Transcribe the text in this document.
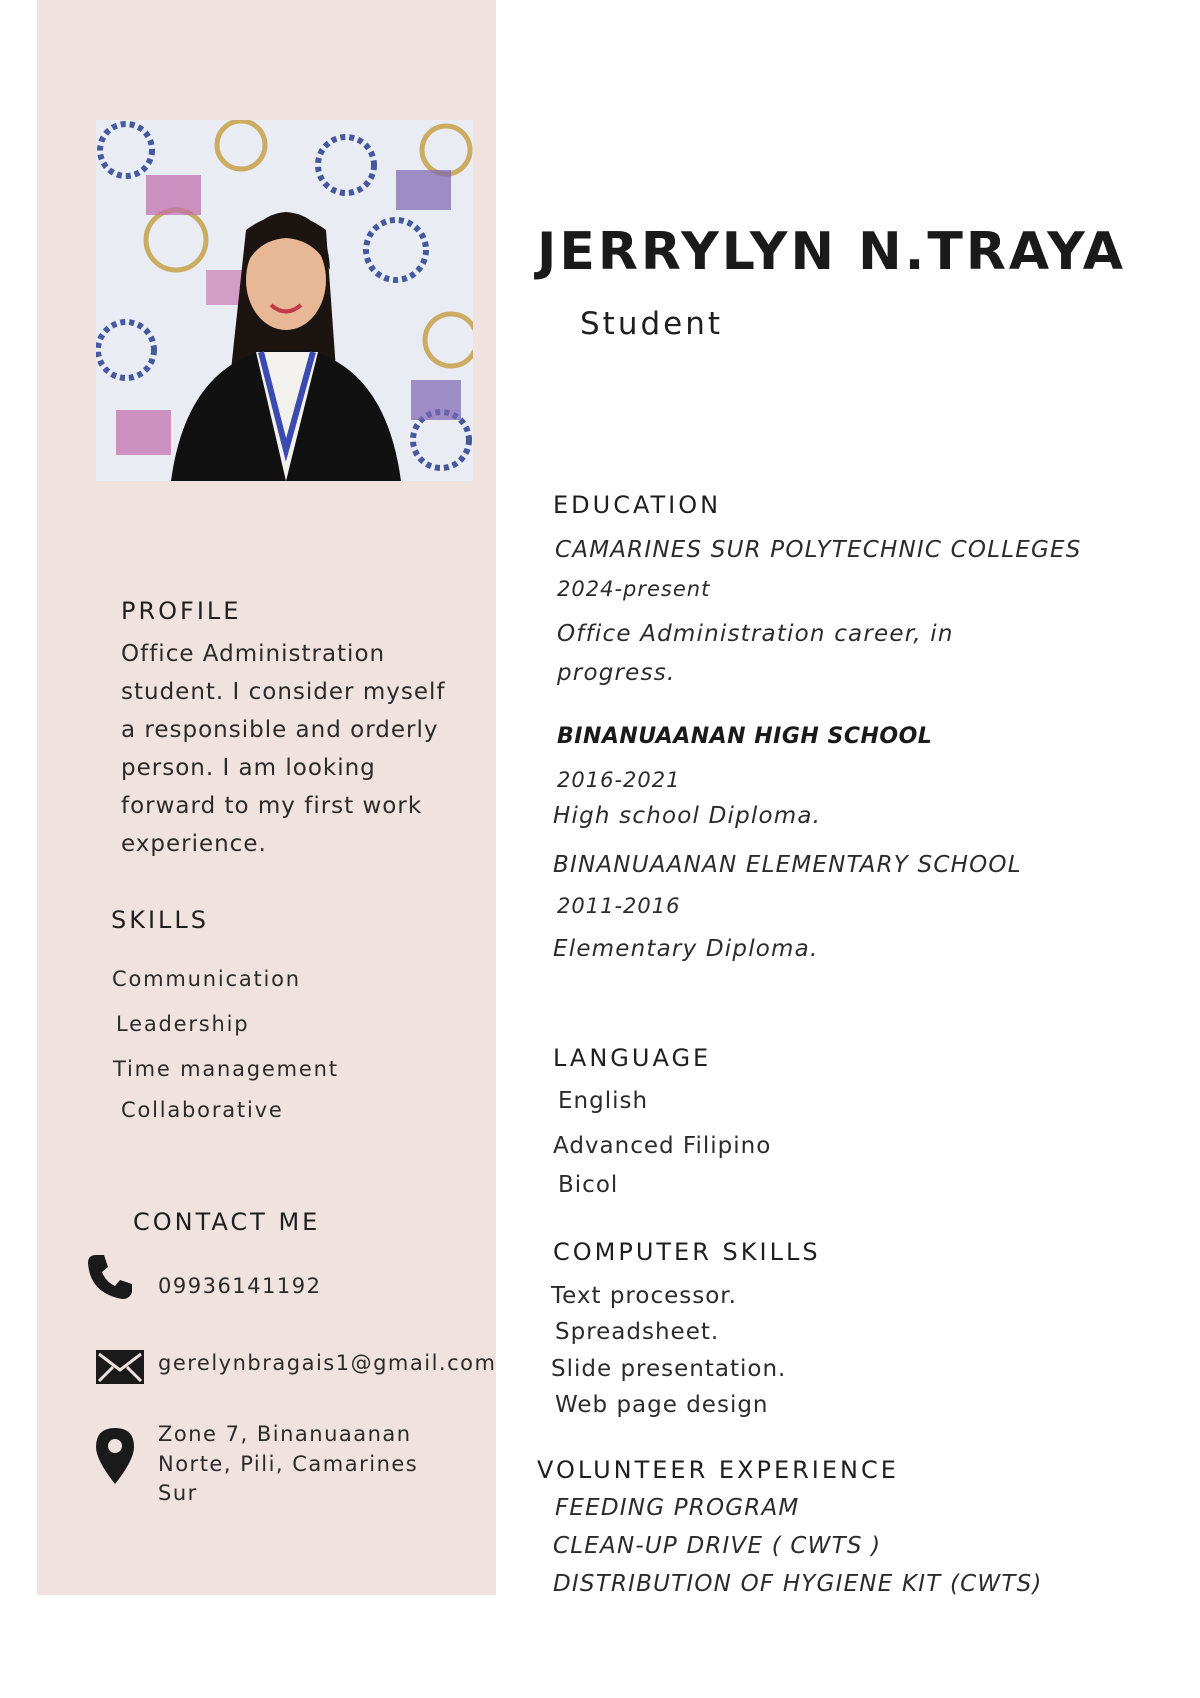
PROFILE
Office Administration
student. I consider myself
a responsible and orderly
person. I am looking
forward to my first work
experience.
SKILLS
Communication
Leadership
Time management
Collaborative
CONTACT ME
09936141192
gerelynbragais1@gmail.com
Zone 7, Binanuaanan
Norte, Pili, Camarines
Sur
JERRYLYN N.TRAYA
Student
EDUCATION
CAMARINES SUR POLYTECHNIC COLLEGES
2024-present
Office Administration career, in
progress.
BINANUAANAN HIGH SCHOOL
2016-2021
High school Diploma.
BINANUAANAN ELEMENTARY SCHOOL
2011-2016
Elementary Diploma.
LANGUAGE
English
Advanced Filipino
Bicol
COMPUTER SKILLS
Text processor.
Spreadsheet.
Slide presentation.
Web page design
VOLUNTEER EXPERIENCE
FEEDING PROGRAM
CLEAN-UP DRIVE ( CWTS )
DISTRIBUTION OF HYGIENE KIT (CWTS)
